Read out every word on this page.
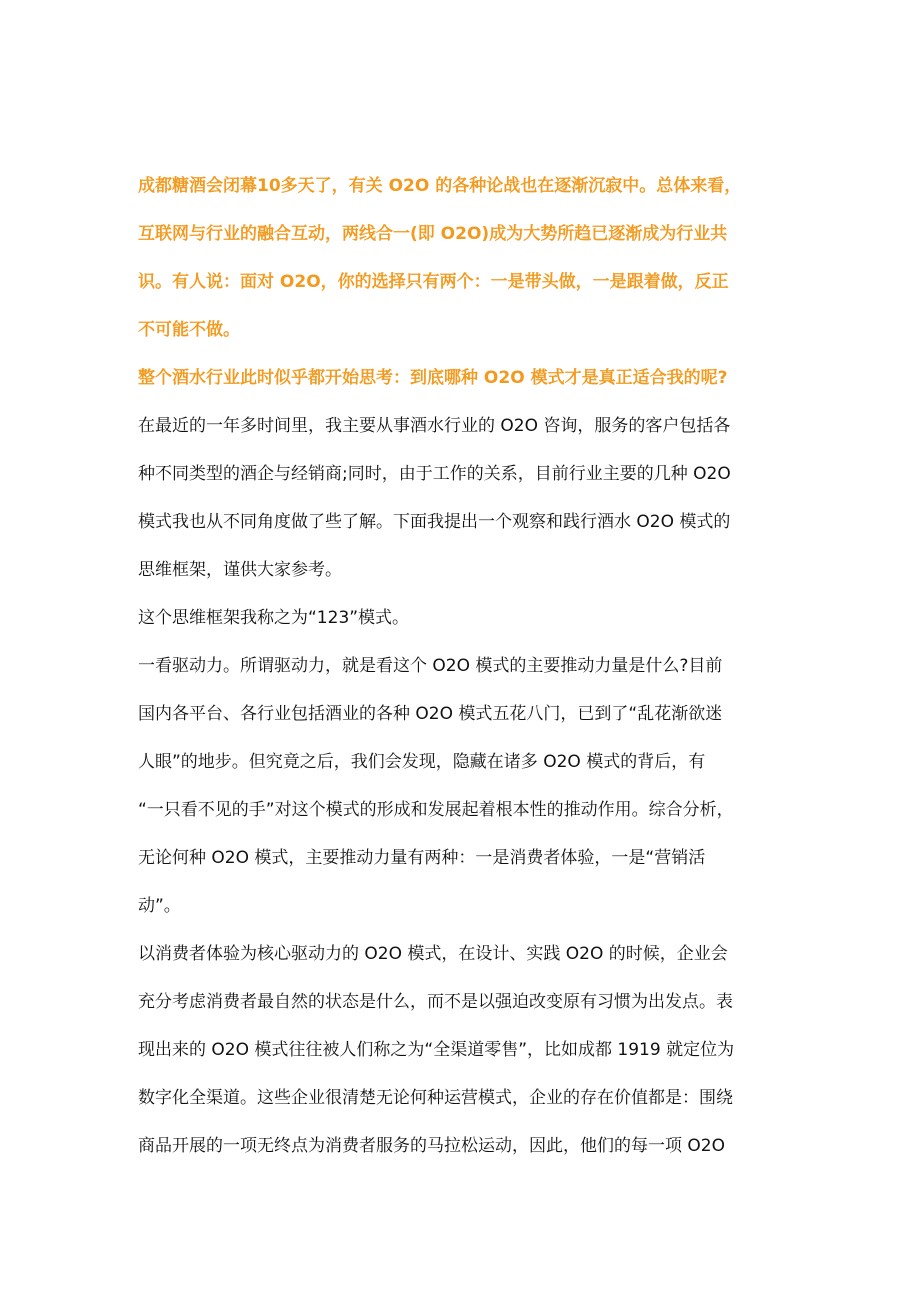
成都糖酒会闭幕10多天了，有关 O2O 的各种论战也在逐渐沉寂中。总体来看，
互联网与行业的融合互动，两线合一(即 O2O)成为大势所趋已逐渐成为行业共
识。有人说：面对 O2O，你的选择只有两个：一是带头做，一是跟着做，反正
不可能不做。
整个酒水行业此时似乎都开始思考：到底哪种 O2O 模式才是真正适合我的呢?
在最近的一年多时间里，我主要从事酒水行业的 O2O 咨询，服务的客户包括各
种不同类型的酒企与经销商;同时，由于工作的关系，目前行业主要的几种 O2O
模式我也从不同角度做了些了解。下面我提出一个观察和践行酒水 O2O 模式的
思维框架，谨供大家参考。
这个思维框架我称之为“123”模式。
一看驱动力。所谓驱动力，就是看这个 O2O 模式的主要推动力量是什么?目前
国内各平台、各行业包括酒业的各种 O2O 模式五花八门，已到了“乱花渐欲迷
人眼”的地步。但究竟之后，我们会发现，隐藏在诸多 O2O 模式的背后，有
“一只看不见的手”对这个模式的形成和发展起着根本性的推动作用。综合分析，
无论何种 O2O 模式，主要推动力量有两种：一是消费者体验，一是“营销活
动”。
以消费者体验为核心驱动力的 O2O 模式，在设计、实践 O2O 的时候，企业会
充分考虑消费者最自然的状态是什么，而不是以强迫改变原有习惯为出发点。表
现出来的 O2O 模式往往被人们称之为“全渠道零售”，比如成都 1919 就定位为
数字化全渠道。这些企业很清楚无论何种运营模式，企业的存在价值都是：围绕
商品开展的一项无终点为消费者服务的马拉松运动，因此，他们的每一项 O2O
